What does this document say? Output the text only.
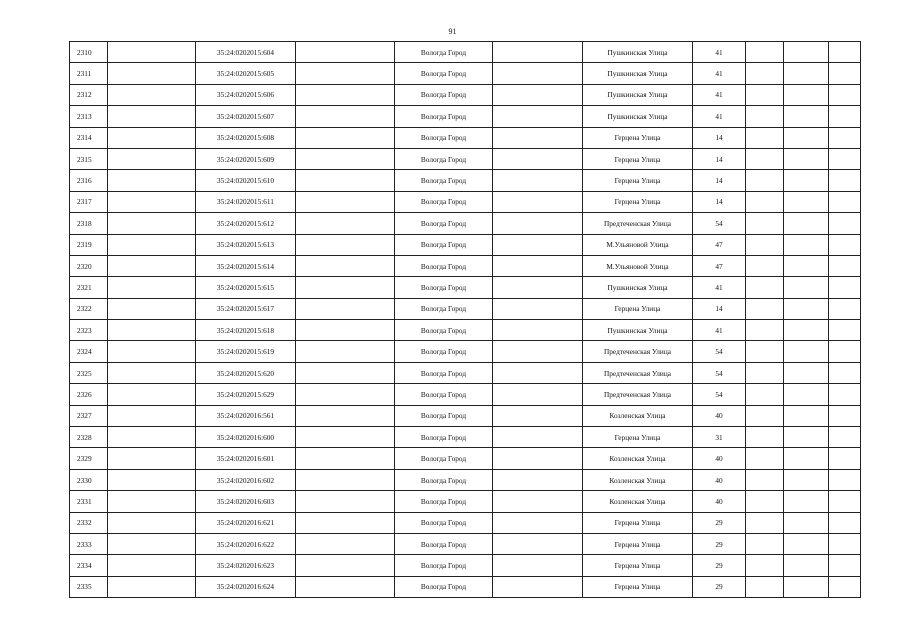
91
2310		35:24:0202015:604		Вологда Город		Пушкинская Улица	41			
2311		35:24:0202015:605		Вологда Город		Пушкинская Улица	41			
2312		35:24:0202015:606		Вологда Город		Пушкинская Улица	41			
2313		35:24:0202015:607		Вологда Город		Пушкинская Улица	41			
2314		35:24:0202015:608		Вологда Город		Герцена Улица	14			
2315		35:24:0202015:609		Вологда Город		Герцена Улица	14			
2316		35:24:0202015:610		Вологда Город		Герцена Улица	14			
2317		35:24:0202015:611		Вологда Город		Герцена Улица	14			
2318		35:24:0202015:612		Вологда Город		Предтеченская Улица	54			
2319		35:24:0202015:613		Вологда Город		М.Ульяновой Улица	47			
2320		35:24:0202015:614		Вологда Город		М.Ульяновой Улица	47			
2321		35:24:0202015:615		Вологда Город		Пушкинская Улица	41			
2322		35:24:0202015:617		Вологда Город		Герцена Улица	14			
2323		35:24:0202015:618		Вологда Город		Пушкинская Улица	41			
2324		35:24:0202015:619		Вологда Город		Предтеченская Улица	54			
2325		35:24:0202015:620		Вологда Город		Предтеченская Улица	54			
2326		35:24:0202015:629		Вологда Город		Предтеченская Улица	54			
2327		35:24:0202016:561		Вологда Город		Козленская Улица	40			
2328		35:24:0202016:600		Вологда Город		Герцена Улица	31			
2329		35:24:0202016:601		Вологда Город		Козленская Улица	40			
2330		35:24:0202016:602		Вологда Город		Козленская Улица	40			
2331		35:24:0202016:603		Вологда Город		Козленская Улица	40			
2332		35:24:0202016:621		Вологда Город		Герцена Улица	29			
2333		35:24:0202016:622		Вологда Город		Герцена Улица	29			
2334		35:24:0202016:623		Вологда Город		Герцена Улица	29			
2335		35:24:0202016:624		Вологда Город		Герцена Улица	29			
